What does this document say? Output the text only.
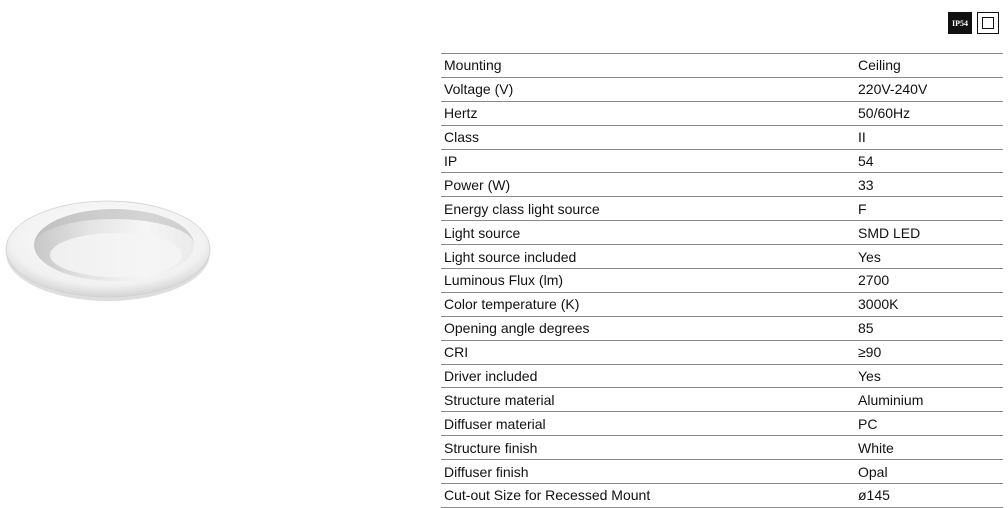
IP54
Mounting	Ceiling
Voltage (V)	220V-240V
Hertz	50/60Hz
Class	II
IP	54
Power (W)	33
Energy class light source	F
Light source	SMD LED
Light source included	Yes
Luminous Flux (lm)	2700
Color temperature (K)	3000K
Opening angle degrees	85
CRI	≥90
Driver included	Yes
Structure material	Aluminium
Diffuser material	PC
Structure finish	White
Diffuser finish	Opal
Cut-out Size for Recessed Mount	ø145
